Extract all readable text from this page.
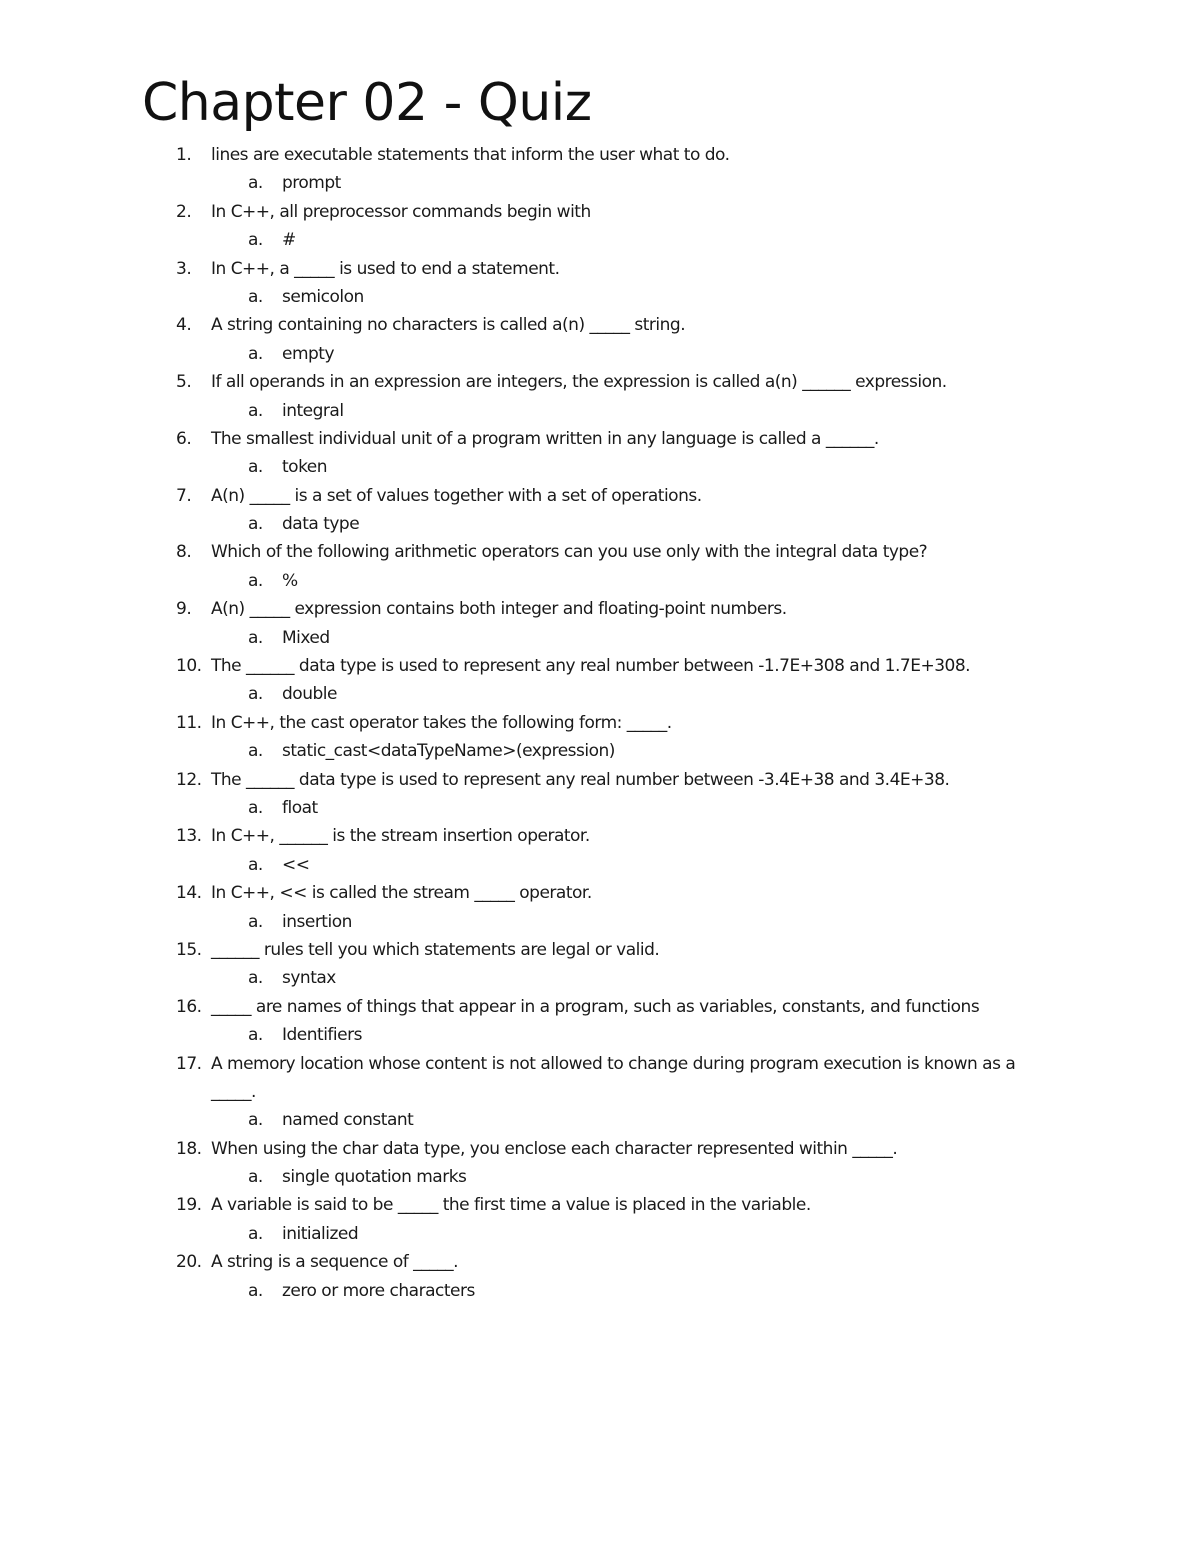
Chapter 02 - Quiz
1. lines are executable statements that inform the user what to do.
a. prompt
2. In C++, all preprocessor commands begin with
a. #
3. In C++, a _____ is used to end a statement.
a. semicolon
4. A string containing no characters is called a(n) _____ string.
a. empty
5. If all operands in an expression are integers, the expression is called a(n) ______ expression.
a. integral
6. The smallest individual unit of a program written in any language is called a ______.
a. token
7. A(n) _____ is a set of values together with a set of operations.
a. data type
8. Which of the following arithmetic operators can you use only with the integral data type?
a. %
9. A(n) _____ expression contains both integer and floating-point numbers.
a. Mixed
10. The ______ data type is used to represent any real number between -1.7E+308 and 1.7E+308.
a. double
11. In C++, the cast operator takes the following form: _____.
a. static_cast<dataTypeName>(expression)
12. The ______ data type is used to represent any real number between -3.4E+38 and 3.4E+38.
a. float
13. In C++, ______ is the stream insertion operator.
a. <<
14. In C++, << is called the stream _____ operator.
a. insertion
15. ______ rules tell you which statements are legal or valid.
a. syntax
16. _____ are names of things that appear in a program, such as variables, constants, and functions
a. Identifiers
17. A memory location whose content is not allowed to change during program execution is known as a _____.
a. named constant
18. When using the char data type, you enclose each character represented within _____.
a. single quotation marks
19. A variable is said to be _____ the first time a value is placed in the variable.
a. initialized
20. A string is a sequence of _____.
a. zero or more characters
